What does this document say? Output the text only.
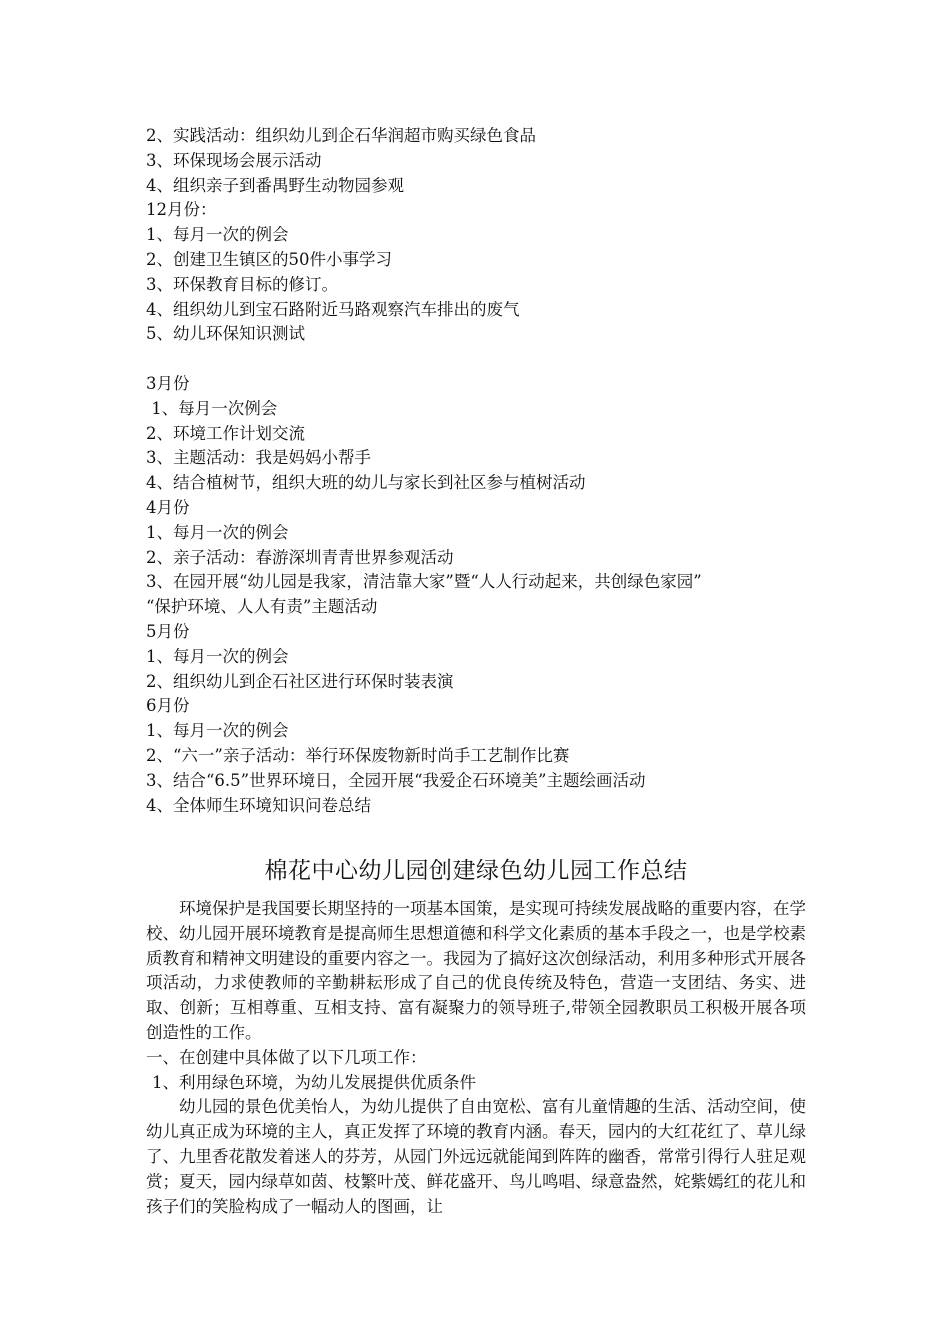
2、实践活动：组织幼儿到企石华润超市购买绿色食品
3、环保现场会展示活动
4、组织亲子到番禺野生动物园参观
12月份：
1、每月一次的例会
2、创建卫生镇区的50件小事学习
3、环保教育目标的修订。
4、组织幼儿到宝石路附近马路观察汽车排出的废气
5、幼儿环保知识测试
3月份
1、每月一次例会
2、环境工作计划交流
3、主题活动：我是妈妈小帮手
4、结合植树节，组织大班的幼儿与家长到社区参与植树活动
4月份
1、每月一次的例会
2、亲子活动：春游深圳青青世界参观活动
3、在园开展“幼儿园是我家，清洁靠大家”暨“人人行动起来，共创绿色家园”
“保护环境、人人有责”主题活动
5月份
1、每月一次的例会
2、组织幼儿到企石社区进行环保时装表演
6月份
1、每月一次的例会
2、“六一”亲子活动：举行环保废物新时尚手工艺制作比赛
3、结合“6.5”世界环境日，全园开展“我爱企石环境美”主题绘画活动
4、全体师生环境知识问卷总结
棉花中心幼儿园创建绿色幼儿园工作总结

环境保护是我国要长期坚持的一项基本国策，是实现可持续发展战略的重要内容，在学校、幼儿园开展环境教育是提高师生思想道德和科学文化素质的基本手段之一，也是学校素质教育和精神文明建设的重要内容之一。我园为了搞好这次创绿活动，利用多种形式开展各项活动，力求使教师的辛勤耕耘形成了自己的优良传统及特色，营造一支团结、务实、进取、创新；互相尊重、互相支持、富有凝聚力的领导班子,带领全园教职员工积极开展各项创造性的工作。

一、在创建中具体做了以下几项工作：

1、利用绿色环境，为幼儿发展提供优质条件

幼儿园的景色优美怡人，为幼儿提供了自由宽松、富有儿童情趣的生活、活动空间，使幼儿真正成为环境的主人，真正发挥了环境的教育内涵。春天，园内的大红花红了、草儿绿了、九里香花散发着迷人的芬芳，从园门外远远就能闻到阵阵的幽香，常常引得行人驻足观赏；夏天，园内绿草如茵、枝繁叶茂、鲜花盛开、鸟儿鸣唱、绿意盎然，姹紫嫣红的花儿和孩子们的笑脸构成了一幅动人的图画，让
